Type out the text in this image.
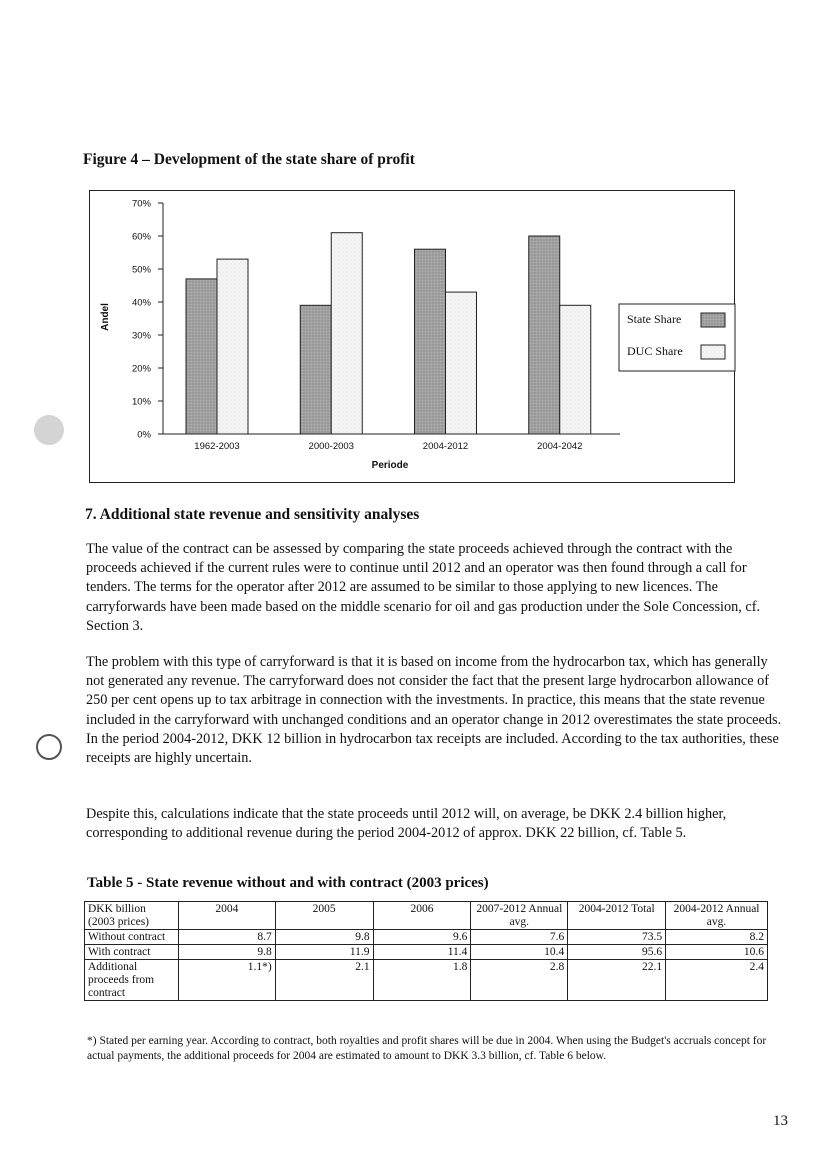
Figure 4 – Development of the state share of profit
0%
10%
20%
30%
40%
50%
60%
70%
1962-2003	2000-2003	2004-2012	2004-2042
Andel
Periode
State Share
DUC Share
7. Additional state revenue and sensitivity analyses
The value of the contract can be assessed by comparing the state proceeds achieved through the contract with the proceeds achieved if the current rules were to continue until 2012 and an operator was then found through a call for tenders. The terms for the operator after 2012 are assumed to be similar to those applying to new licences. The carryforwards have been made based on the middle scenario for oil and gas production under the Sole Concession, cf. Section 3.
The problem with this type of carryforward is that it is based on income from the hydrocarbon tax, which has generally not generated any revenue. The carryforward does not consider the fact that the present large hydrocarbon allowance of 250 per cent opens up to tax arbitrage in connection with the investments. In practice, this means that the state revenue included in the carryforward with unchanged conditions and an operator change in 2012 overestimates the state proceeds. In the period 2004-2012, DKK 12 billion in hydrocarbon tax receipts are included. According to the tax authorities, these receipts are highly uncertain.
Despite this, calculations indicate that the state proceeds until 2012 will, on average, be DKK 2.4 billion higher, corresponding to additional revenue during the period 2004-2012 of approx. DKK 22 billion, cf. Table 5.
Table 5 - State revenue without and with contract (2003 prices)
DKK billion (2003 prices)	2004	2005	2006	2007-2012 Annual avg.	2004-2012 Total	2004-2012 Annual avg.
Without contract	8.7	9.8	9.6	7.6	73.5	8.2
With contract	9.8	11.9	11.4	10.4	95.6	10.6
Additional proceeds from contract	1.1*)	2.1	1.8	2.8	22.1	2.4
*) Stated per earning year. According to contract, both royalties and profit shares will be due in 2004. When using the Budget's accruals concept for actual payments, the additional proceeds for 2004 are estimated to amount to DKK 3.3 billion, cf. Table 6 below.
13
